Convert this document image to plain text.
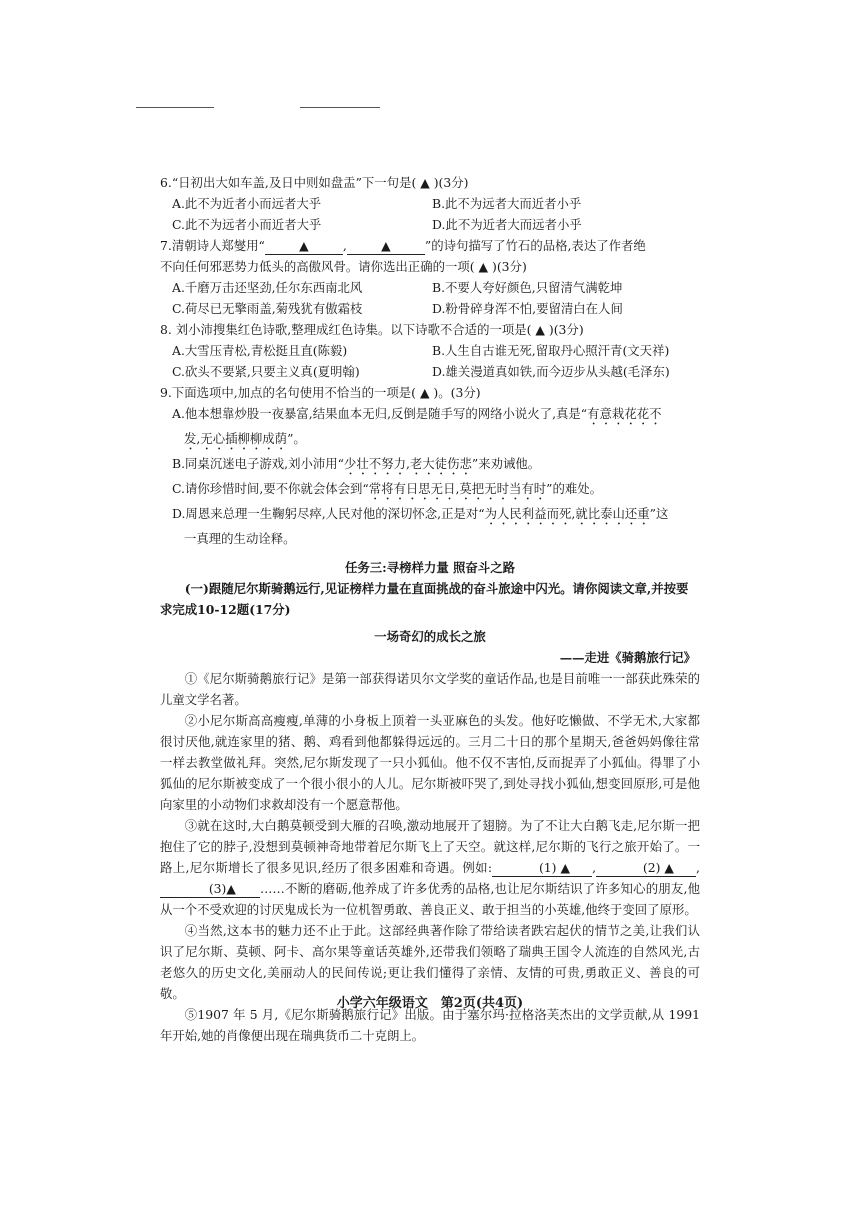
6.“日初出大如车盖,及日中则如盘盂”下一句是( ▲ )(3分)

A.此不为近者小而远者大乎	B.此不为远者大而近者小乎
C.此不为远者小而近者大乎	D.此不为近者大而远者小乎

7.清朝诗人郑燮用“	▲	,	▲	”的诗句描写了竹石的品格,表达了作者绝

不向任何邪恶势力低头的高傲风骨。请你选出正确的一项( ▲ )(3分)

A.千磨万击还坚劲,任尔东西南北风	B.不要人夸好颜色,只留清气满乾坤
C.荷尽已无擎雨盖,菊残犹有傲霜枝	D.粉骨碎身浑不怕,要留清白在人间

8. 刘小沛搜集红色诗歌,整理成红色诗集。以下诗歌不合适的一项是( ▲ )(3分)

A.大雪压青松,青松挺且直(陈毅)	B.人生自古谁无死,留取丹心照汗青(文天祥)
C.砍头不要紧,只要主义真(夏明翰)	D.雄关漫道真如铁,而今迈步从头越(毛泽东)

9.下面选项中,加点的名句使用不恰当的一项是( ▲ )。(3分)

A.他本想靠炒股一夜暴富,结果血本无归,反倒是随手写的网络小说火了,真是“有意栽花花不
发,无心插柳柳成荫”。
B.同桌沉迷电子游戏,刘小沛用“少壮不努力,老大徒伤悲”来劝诫他。
C.请你珍惜时间,要不你就会体会到“常将有日思无日,莫把无时当有时”的难处。
D.周恩来总理一生鞠躬尽瘁,人民对他的深切怀念,正是对“为人民利益而死,就比泰山还重”这
一真理的生动诠释。
任务三:寻榜样力量 照奋斗之路
(一)跟随尼尔斯骑鹅远行,见证榜样力量在直面挑战的奋斗旅途中闪光。请你阅读文章,并按要求完成10-12题(17分)
一场奇幻的成长之旅
——走进《骑鹅旅行记》
①《尼尔斯骑鹅旅行记》是第一部获得诺贝尔文学奖的童话作品,也是目前唯一一部获此殊荣的儿童文学名著。
②小尼尔斯高高瘦瘦,单薄的小身板上顶着一头亚麻色的头发。他好吃懒做、不学无术,大家都很讨厌他,就连家里的猪、鹅、鸡看到他都躲得远远的。三月二十日的那个星期天,爸爸妈妈像往常一样去教堂做礼拜。突然,尼尔斯发现了一只小狐仙。他不仅不害怕,反而捉弄了小狐仙。得罪了小狐仙的尼尔斯被变成了一个很小很小的人儿。尼尔斯被吓哭了,到处寻找小狐仙,想变回原形,可是他向家里的小动物们求救却没有一个愿意帮他。
③就在这时,大白鹅莫顿受到大雁的召唤,激动地展开了翅膀。为了不让大白鹅飞走,尼尔斯一把抱住了它的脖子,没想到莫顿神奇地带着尼尔斯飞上了天空。就这样,尼尔斯的飞行之旅开始了。一路上,尼尔斯增长了很多见识,经历了很多困难和奇遇。例如:	(1) ▲ ,	(2) ▲ ,(3)▲ ……不断的磨砺,他养成了许多优秀的品格,也让尼尔斯结识了许多知心的朋友,他从一个不受欢迎的讨厌鬼成长为一位机智勇敢、善良正义、敢于担当的小英雄,他终于变回了原形。
④当然,这本书的魅力还不止于此。这部经典著作除了带给读者跌宕起伏的情节之美,让我们认识了尼尔斯、莫顿、阿卡、高尔果等童话英雄外,还带我们领略了瑞典王国令人流连的自然风光,古老悠久的历史文化,美丽动人的民间传说;更让我们懂得了亲情、友情的可贵,勇敢正义、善良的可敬。
⑤1907 年 5 月,《尼尔斯骑鹅旅行记》出版。由于塞尔玛·拉格洛芙杰出的文学贡献,从 1991 年开始,她的肖像便出现在瑞典货币二十克朗上。
小学六年级语文　第2页(共4页)
